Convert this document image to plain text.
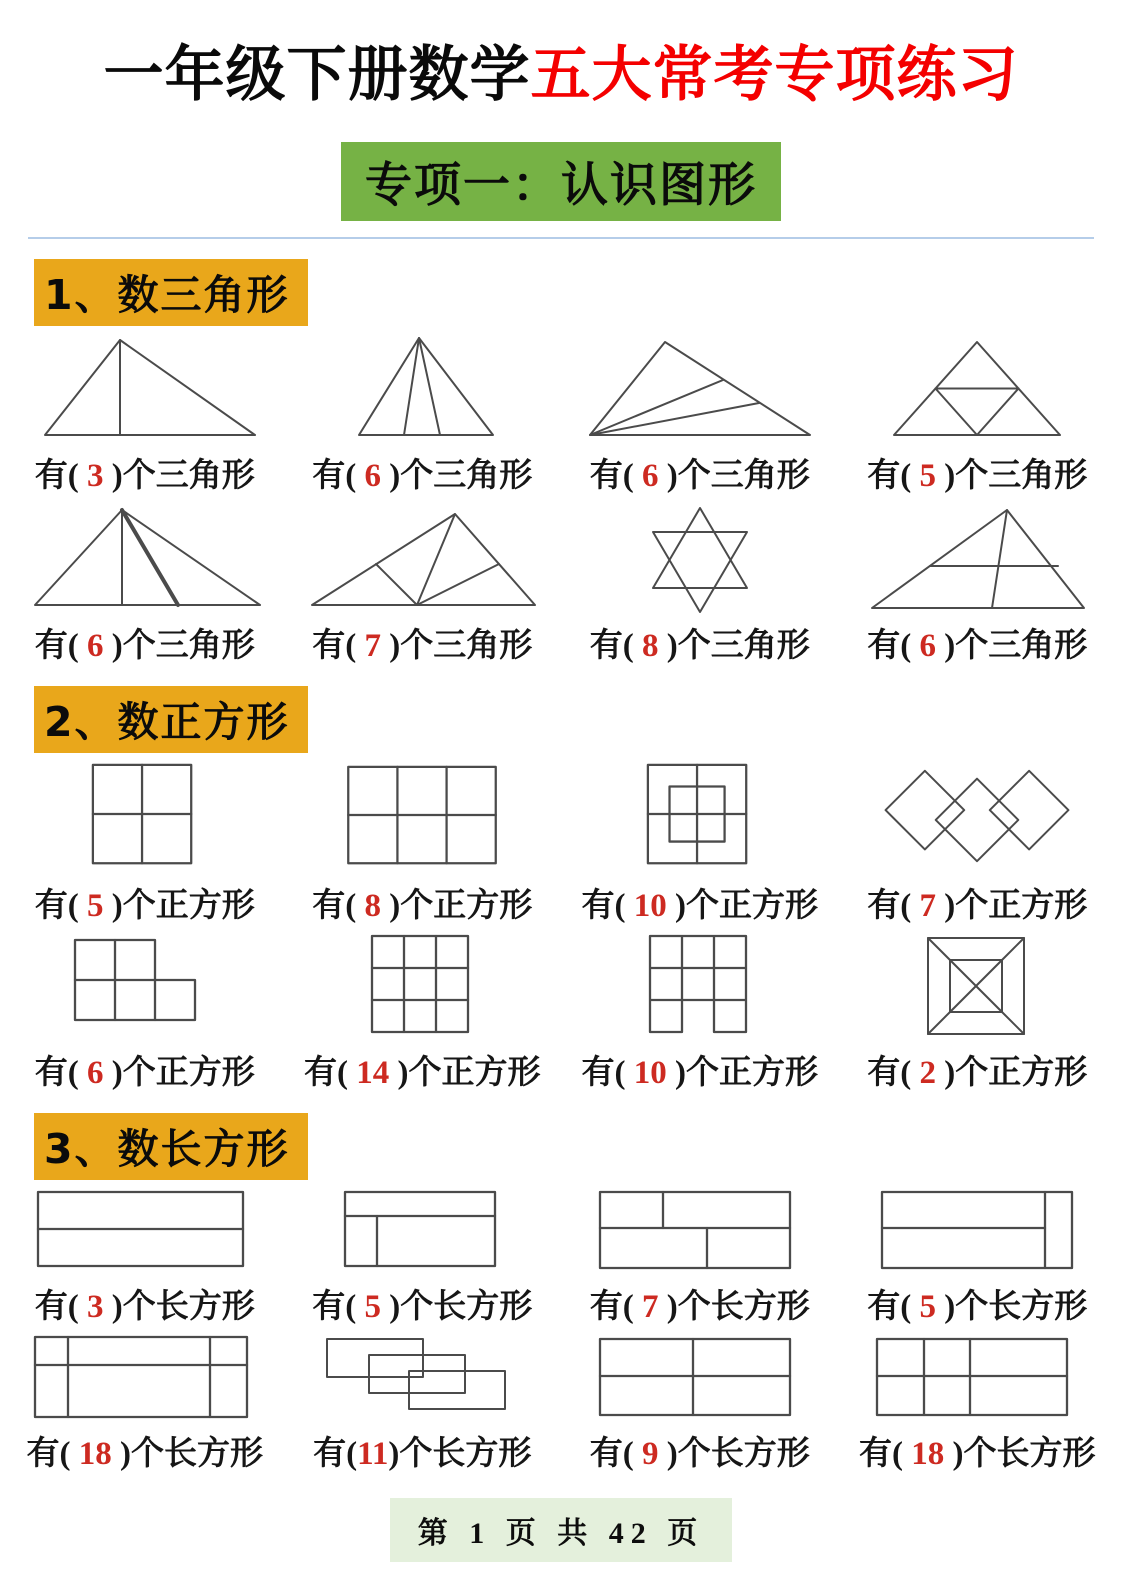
一年级下册数学五大常考专项练习
专项一：认识图形
1、数三角形
有( 3 )个三角形 有( 6 )个三角形 有( 6 )个三角形 有( 5 )个三角形
有( 6 )个三角形 有( 7 )个三角形 有( 8 )个三角形 有( 6 )个三角形
2、数正方形
有( 5 )个正方形 有( 8 )个正方形 有( 10 )个正方形 有( 7 )个正方形
有( 6 )个正方形 有( 14 )个正方形 有( 10 )个正方形 有( 2 )个正方形
3、数长方形
有( 3 )个长方形 有( 5 )个长方形 有( 7 )个长方形 有( 5 )个长方形
有( 18 )个长方形 有(11)个长方形 有( 9 )个长方形 有( 18 )个长方形
第 1 页 共 42 页
